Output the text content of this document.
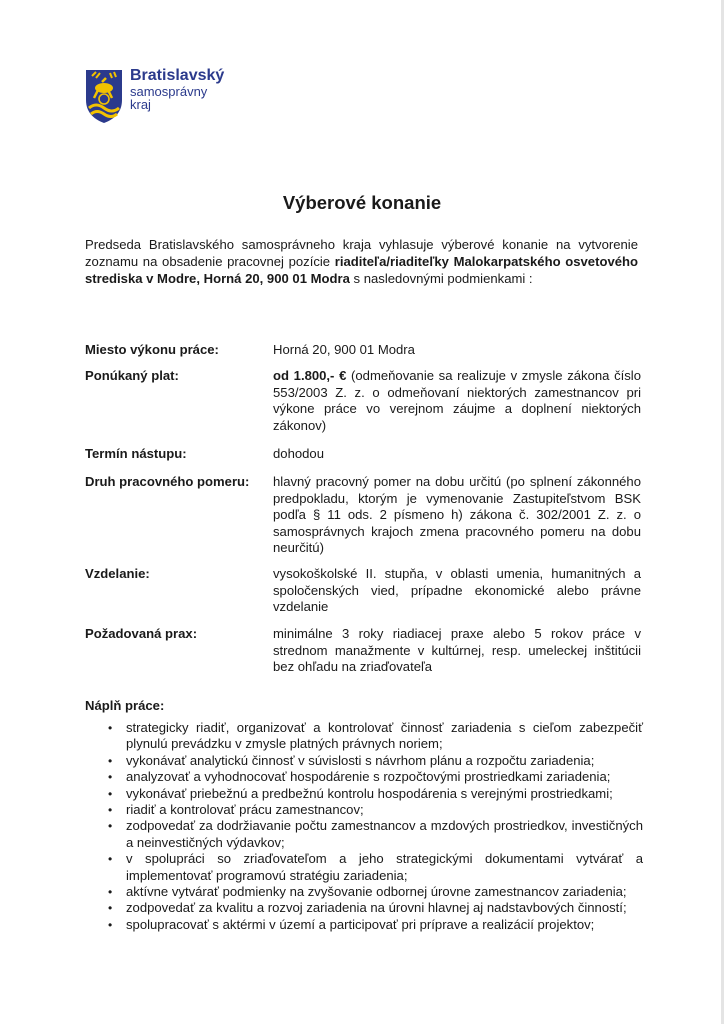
Bratislavský
samosprávny
kraj
Výberové konanie
Predseda Bratislavského samosprávneho kraja vyhlasuje výberové konanie na vytvorenie zoznamu na obsadenie pracovnej pozície riaditeľa/riaditeľky Malokarpatského osvetového strediska v Modre, Horná 20, 900 01 Modra s nasledovnými podmienkami :
Miesto výkonu práce:	Horná 20, 900 01 Modra
Ponúkaný plat:	od 1.800,- € (odmeňovanie sa realizuje v zmysle zákona číslo 553/2003 Z. z. o odmeňovaní niektorých zamestnancov pri výkone práce vo verejnom záujme a doplnení niektorých zákonov)
Termín nástupu:	dohodou
Druh pracovného pomeru: hlavný pracovný pomer na dobu určitú (po splnení zákonného predpokladu, ktorým je vymenovanie Zastupiteľstvom BSK podľa § 11 ods. 2 písmeno h) zákona č. 302/2001 Z. z. o samosprávnych krajoch zmena pracovného pomeru na dobu neurčitú)
Vzdelanie:	vysokoškolské II. stupňa, v oblasti umenia, humanitných a spoločenských vied, prípadne ekonomické alebo právne vzdelanie
Požadovaná prax:	minimálne 3 roky riadiacej praxe alebo 5 rokov práce v strednom manažmente v kultúrnej, resp. umeleckej inštitúcii bez ohľadu na zriaďovateľa
Náplň práce:
• strategicky riadiť, organizovať a kontrolovať činnosť zariadenia s cieľom zabezpečiť plynulú prevádzku v zmysle platných právnych noriem;
• vykonávať analytickú činnosť v súvislosti s návrhom plánu a rozpočtu zariadenia;
• analyzovať a vyhodnocovať hospodárenie s rozpočtovými prostriedkami zariadenia;
• vykonávať priebežnú a predbežnú kontrolu hospodárenia s verejnými prostriedkami;
• riadiť a kontrolovať prácu zamestnancov;
• zodpovedať za dodržiavanie počtu zamestnancov a mzdových prostriedkov, investičných a neinvestičných výdavkov;
• v spolupráci so zriaďovateľom a jeho strategickými dokumentami vytvárať a implementovať programovú stratégiu zariadenia;
• aktívne vytvárať podmienky na zvyšovanie odbornej úrovne zamestnancov zariadenia;
• zodpovedať za kvalitu a rozvoj zariadenia na úrovni hlavnej aj nadstavbových činností;
• spolupracovať s aktérmi v území a participovať pri príprave a realizácií projektov;
